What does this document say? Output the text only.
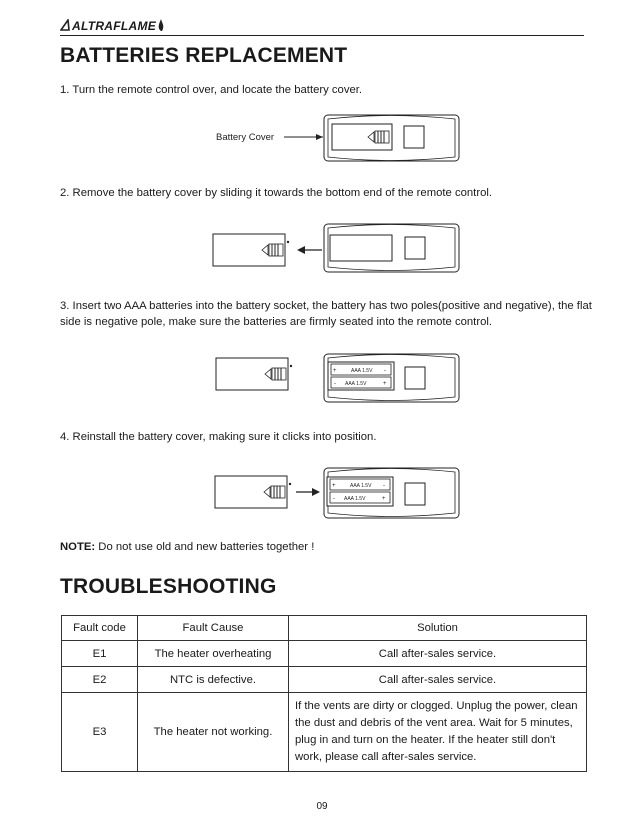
ALTRAFLAME
BATTERIES REPLACEMENT
1. Turn the remote control over, and locate the battery cover.
Battery Cover
2. Remove the battery cover by sliding it towards the bottom end of the remote control.
3. Insert two AAA batteries into the battery socket, the battery has two poles(positive and negative), the flat side is negative pole, make sure the batteries are firmly seated into the remote control.
AAA 1.5V
AAA 1.5V
-
+
-	+
4. Reinstall the battery cover, making sure it clicks into position.
AAA 1.5V
AAA 1.5V
-
+
-	+
NOTE: Do not use old and new batteries together !
TROUBLESHOOTING
Fault code	Fault Cause	Solution
E1	The heater overheating	Call after-sales service.
E2	NTC is defective.	Call after-sales service.
E3	The heater not working.	If the vents are dirty or clogged. Unplug the power, clean the dust and debris of the vent area. Wait for 5 minutes, plug in and turn on the heater. If the heater still don't work, please call after-sales service.
09
